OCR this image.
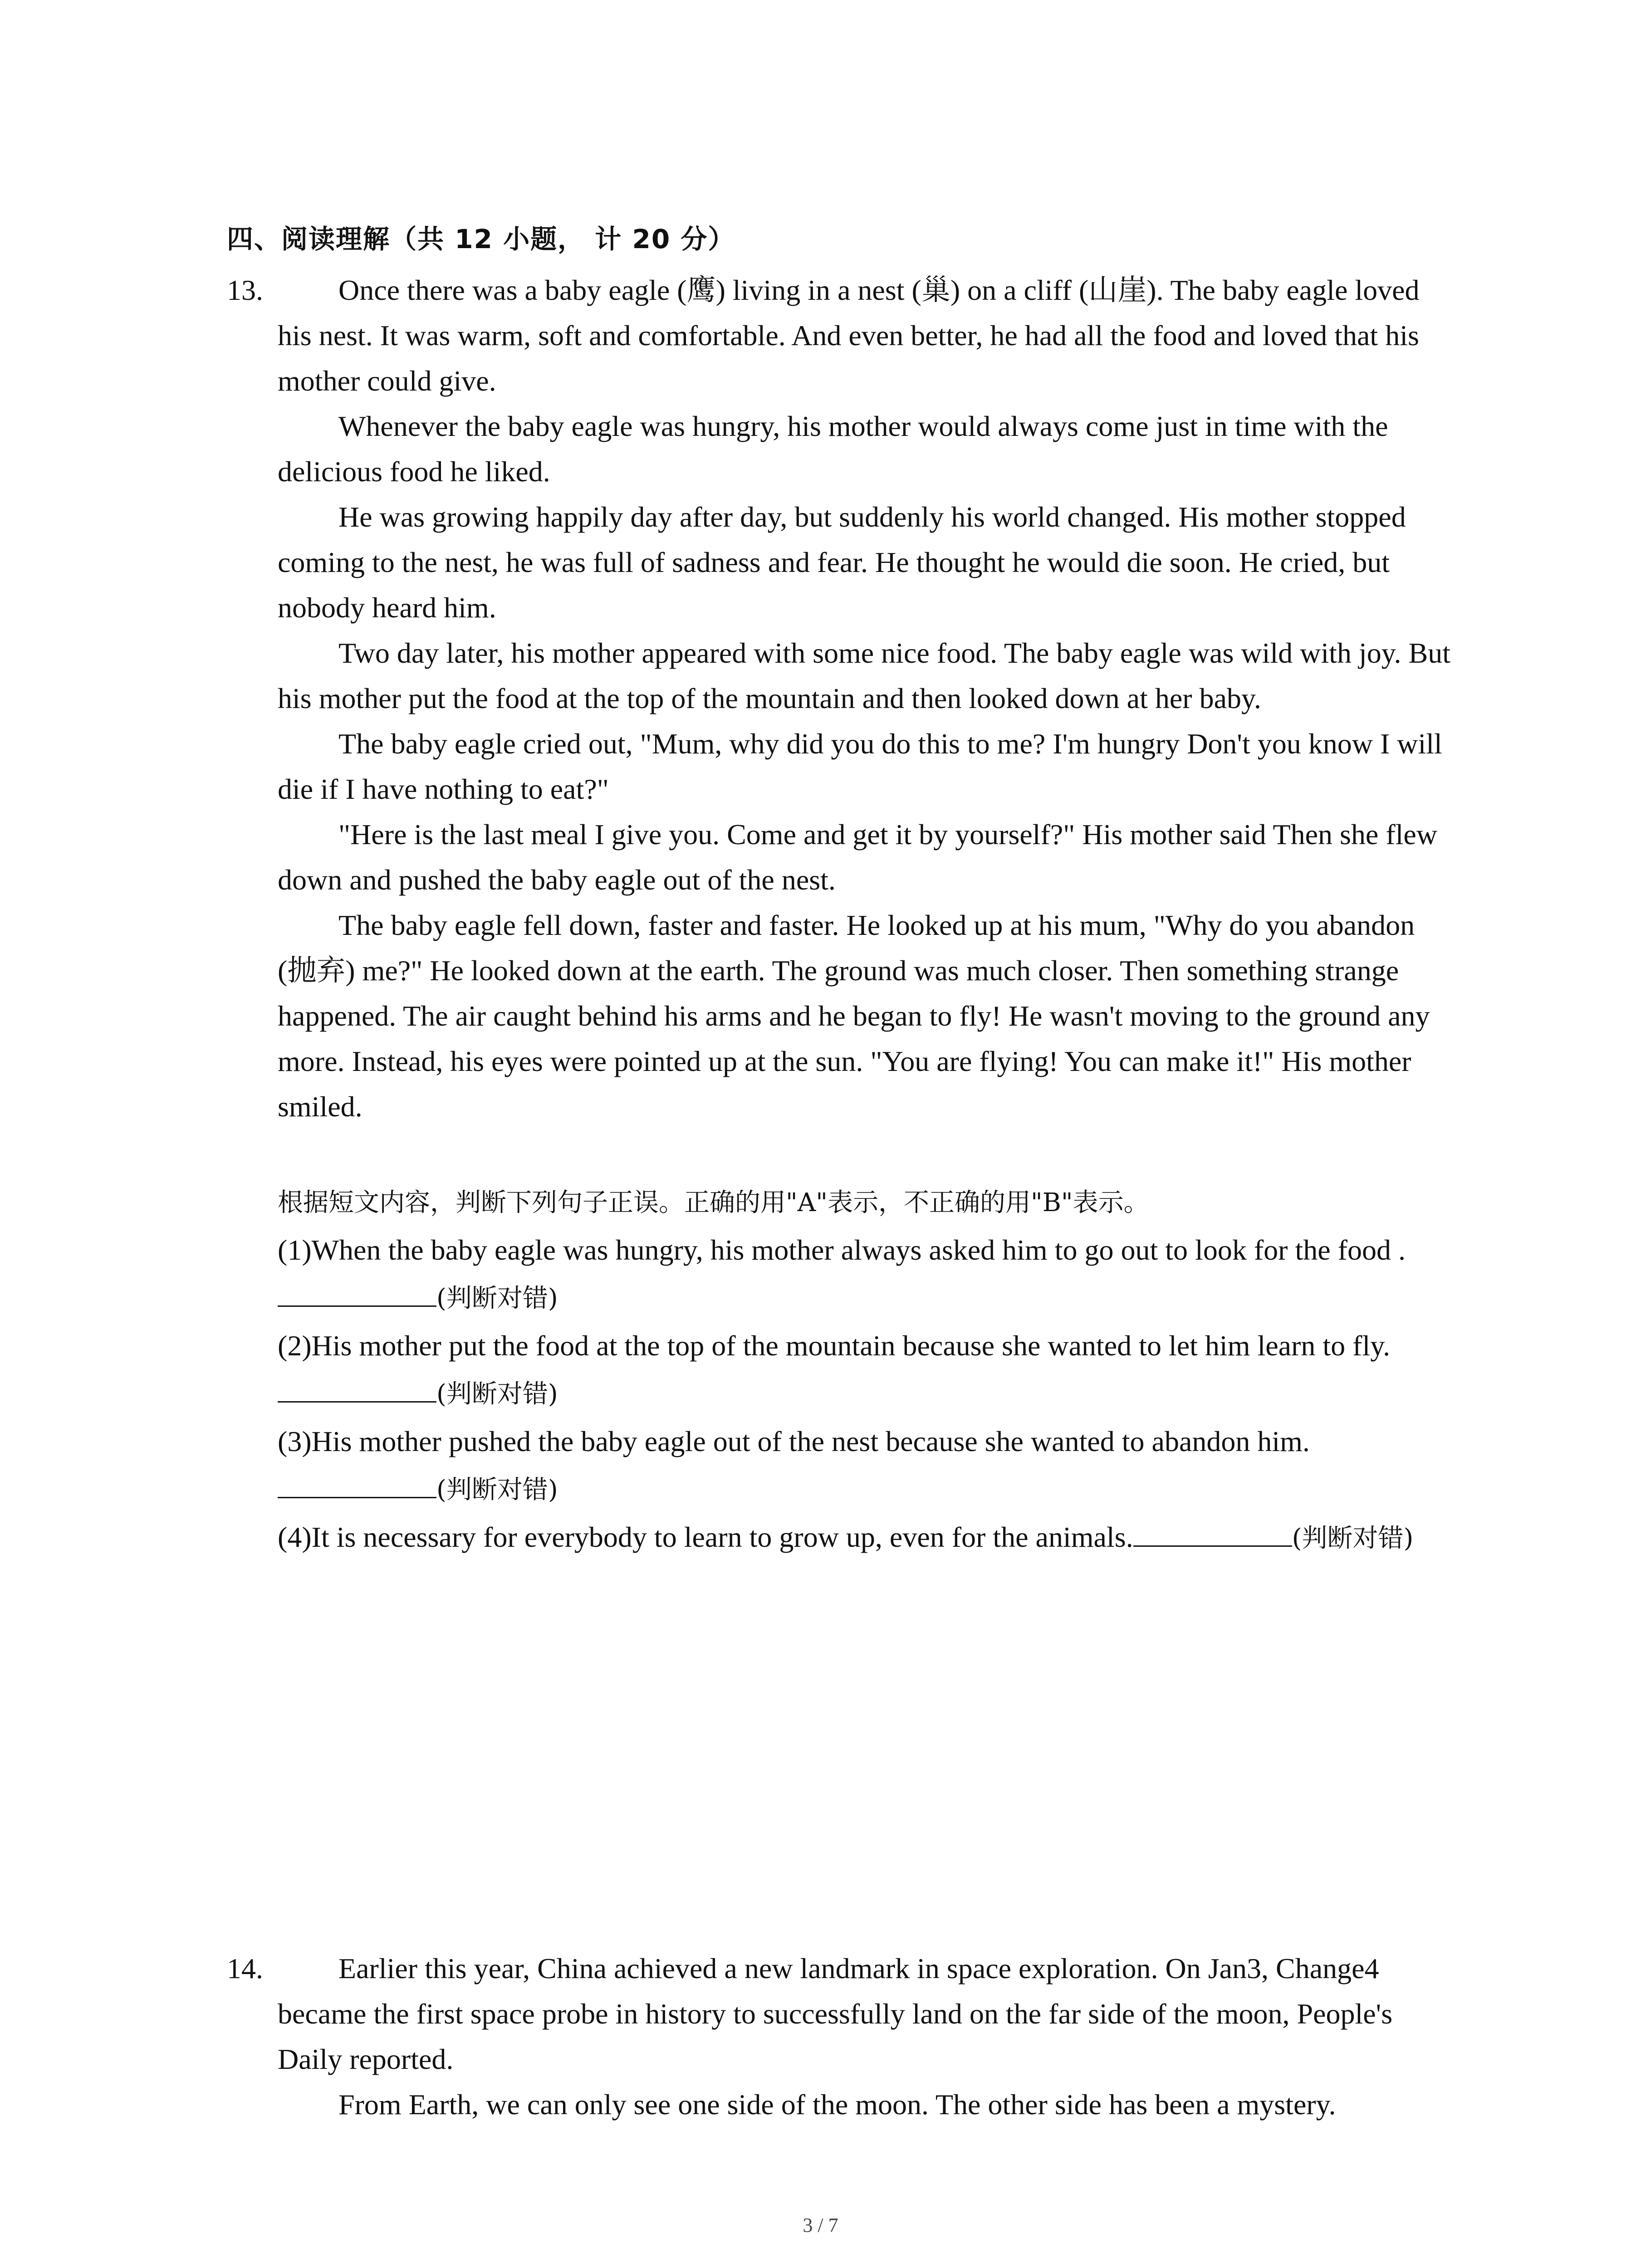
四、阅读理解（共 12 小题， 计 20 分）
13.	Once there was a baby eagle (鹰) living in a nest (巢) on a cliff (山崖). The baby eagle loved his nest. It was warm, soft and comfortable. And even better, he had all the food and loved that his mother could give.

Whenever the baby eagle was hungry, his mother would always come just in time with the delicious food he liked.

He was growing happily day after day, but suddenly his world changed. His mother stopped coming to the nest, he was full of sadness and fear. He thought he would die soon. He cried, but nobody heard him.

Two day later, his mother appeared with some nice food. The baby eagle was wild with joy. But his mother put the food at the top of the mountain and then looked down at her baby.

The baby eagle cried out, "Mum, why did you do this to me? I'm hungry Don't you know I will die if I have nothing to eat?"

"Here is the last meal I give you. Come and get it by yourself?" His mother said Then she flew down and pushed the baby eagle out of the nest.

The baby eagle fell down, faster and faster. He looked up at his mum, "Why do you abandon (抛弃) me?" He looked down at the earth. The ground was much closer. Then something strange happened. The air caught behind his arms and he began to fly! He wasn't moving to the ground any more. Instead, his eyes were pointed up at the sun. "You are flying! You can make it!" His mother smiled.

根据短文内容，判断下列句子正误。正确的用"A"表示，不正确的用"B"表示。

(1)When the baby eagle was hungry, his mother always asked him to go out to look for the food .(判断对错)

(2)His mother put the food at the top of the mountain because she wanted to let him learn to fly.(判断对错)

(3)His mother pushed the baby eagle out of the nest because she wanted to abandon him.(判断对错)

(4)It is necessary for everybody to learn to grow up, even for the animals.	(判断对错)

14.	Earlier this year, China achieved a new landmark in space exploration. On Jan3, Change4 became the first space probe in history to successfully land on the far side of the moon, People's Daily reported.

From Earth, we can only see one side of the moon. The other side has been a mystery.

3 / 7
